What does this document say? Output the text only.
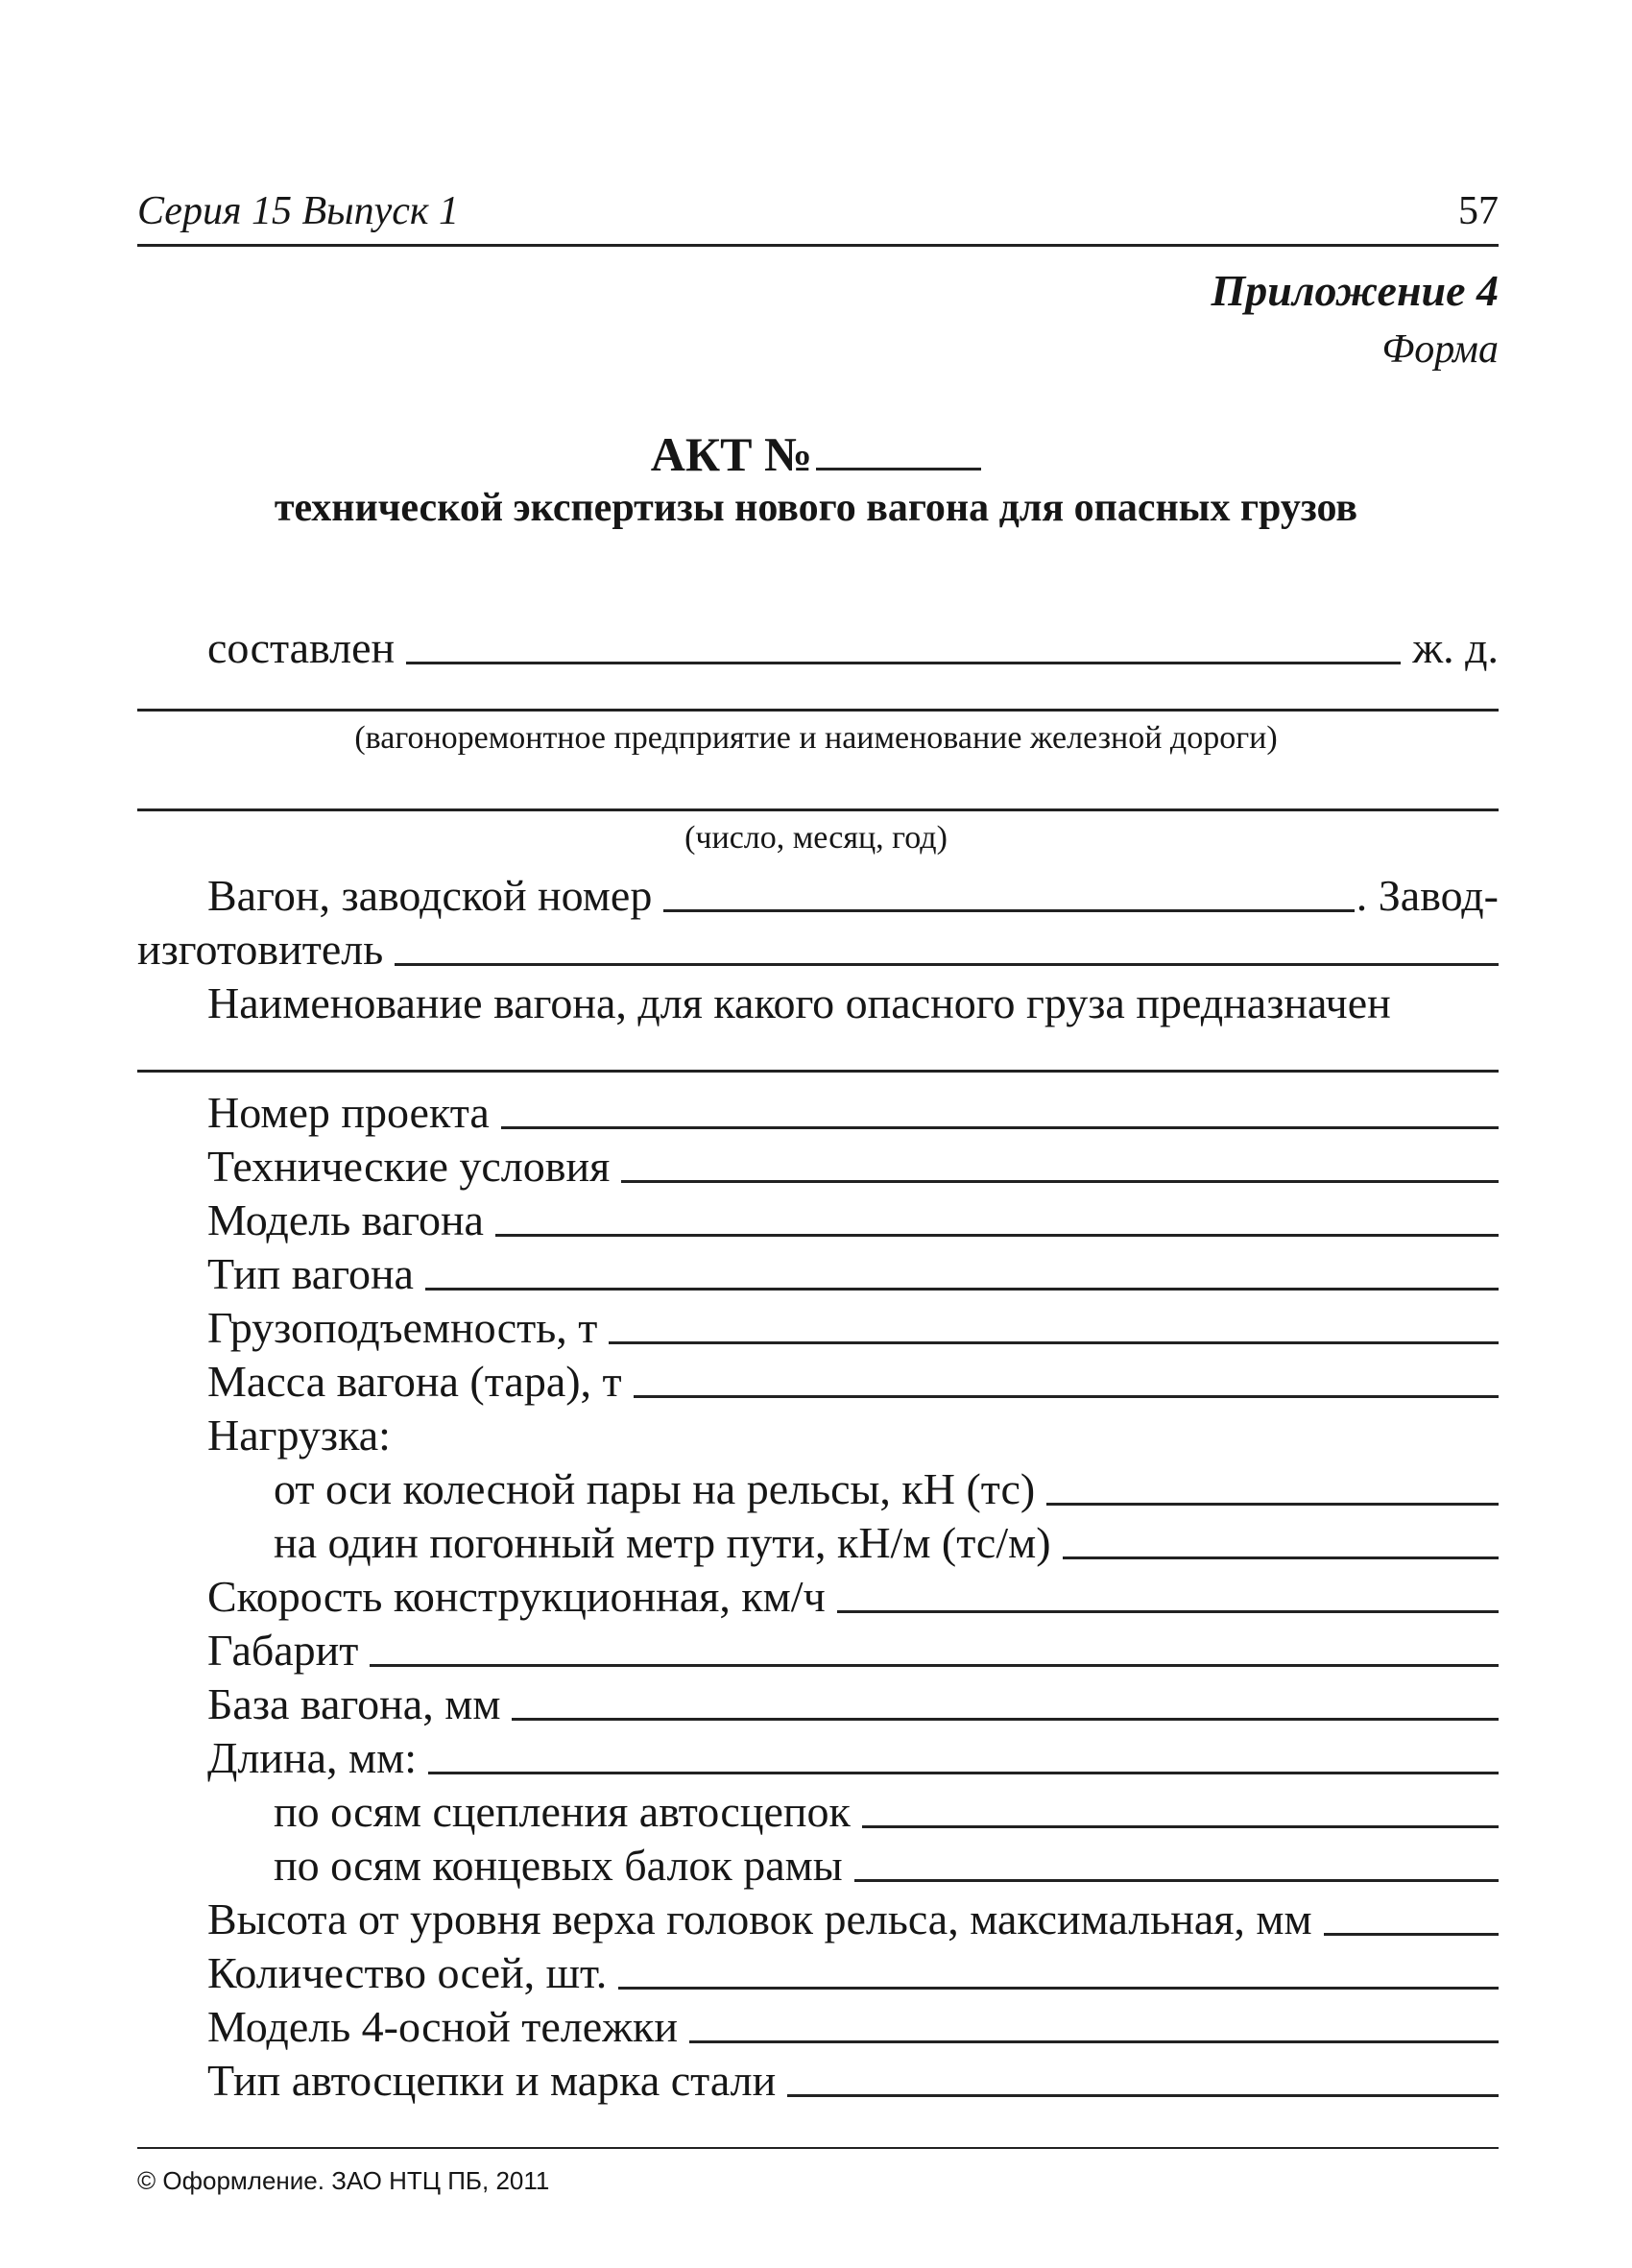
Серия 15 Выпуск 1	57
Приложение 4
Форма
АКТ №
технической экспертизы нового вагона для опасных грузов
составлен	ж. д.
(вагоноремонтное предприятие и наименование железной дороги)
(число, месяц, год)
Вагон, заводской номер	. Завод-
изготовитель
Наименование вагона, для какого опасного груза предназначен
Номер проекта
Технические условия
Модель вагона
Тип вагона
Грузоподъемность, т
Масса вагона (тара), т
Нагрузка:
от оси колесной пары на рельсы, кН (тс)
на один погонный метр пути, кН/м (тс/м)
Скорость конструкционная, км/ч
Габарит
База вагона, мм
Длина, мм:
по осям сцепления автосцепок
по осям концевых балок рамы
Высота от уровня верха головок рельса, максимальная, мм
Количество осей, шт.
Модель 4-осной тележки
Тип автосцепки и марка стали
© Оформление. ЗАО НТЦ ПБ, 2011
